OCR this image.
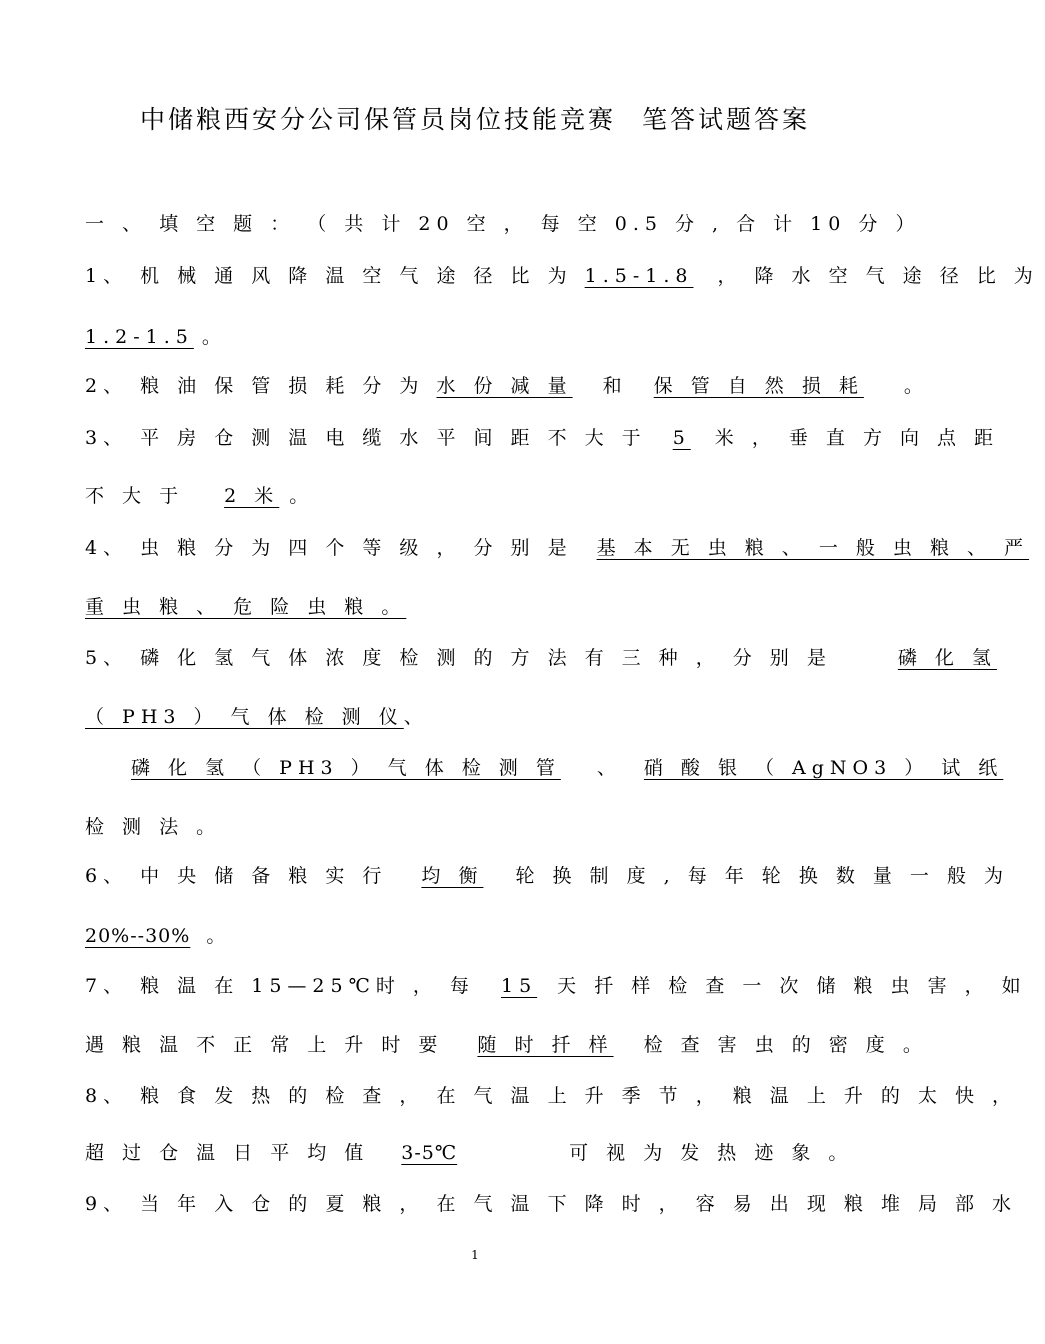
中储粮西安分公司保管员岗位技能竞赛 笔答试题答案
一 、 填 空 题 ： （ 共 计 20 空 ， 每 空 0.5 分 , 合 计 10 分 ）
1、 机 械 通 风 降 温 空 气 途 径 比 为 1.5-1.8 ， 降 水 空 气 途 径 比 为
1.2-1.5 。
2、 粮 油 保 管 损 耗 分 为 水 份 减 量 和 保 管 自 然 损 耗 。
3、 平 房 仓 测 温 电 缆 水 平 间 距 不 大 于 5 米 ， 垂 直 方 向 点 距
不 大 于 2 米 。
4、 虫 粮 分 为 四 个 等 级 ， 分 别 是 基 本 无 虫 粮 、 一 般 虫 粮 、 严
重 虫 粮 、 危 险 虫 粮 。
5、 磷 化 氢 气 体 浓 度 检 测 的 方 法 有 三 种 ， 分 别 是	磷 化 氢
（ PH3 ） 气 体 检 测 仪、
磷 化 氢 （ PH3 ） 气 体 检 测 管 、 硝 酸 银 （ AgNO3 ） 试 纸
检 测 法 。
6、 中 央 储 备 粮 实 行 均 衡 轮 换 制 度 , 每 年 轮 换 数 量 一 般 为
20%--30% 。
7、 粮 温 在 15—25℃时 ， 每 15 天 扦 样 检 查 一 次 储 粮 虫 害 ， 如
遇 粮 温 不 正 常 上 升 时 要 随 时 扦 样 检 查 害 虫 的 密 度 。
8、 粮 食 发 热 的 检 查 ， 在 气 温 上 升 季 节 ， 粮 温 上 升 的 太 快 ，
超 过 仓 温 日 平 均 值 3-5℃	可 视 为 发 热 迹 象 。
9、 当 年 入 仓 的 夏 粮 ， 在 气 温 下 降 时 ， 容 易 出 现 粮 堆 局 部 水
1
